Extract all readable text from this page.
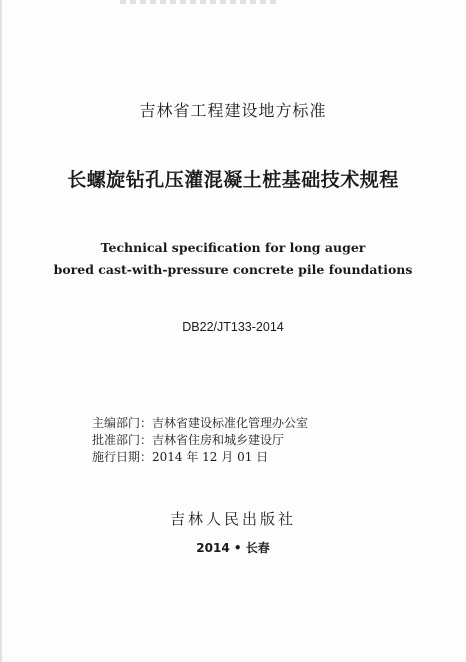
吉林省工程建设地方标准
长螺旋钻孔压灌混凝土桩基础技术规程
Technical specification for long auger
bored cast-with-pressure concrete pile foundations
DB22/JT133-2014
主编部门：吉林省建设标准化管理办公室
批准部门：吉林省住房和城乡建设厅
施行日期：2014 年 12 月 01 日
吉林人民出版社
2014 • 长春
